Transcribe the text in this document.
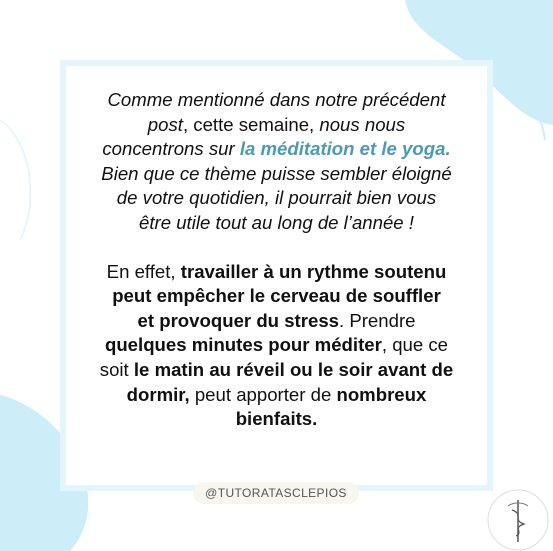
Comme mentionné dans notre précédent
post, cette semaine, nous nous
concentrons sur la méditation et le yoga.
Bien que ce thème puisse sembler éloigné
de votre quotidien, il pourrait bien vous
être utile tout au long de l’année !
En effet, travailler à un rythme soutenu
peut empêcher le cerveau de souffler
et provoquer du stress. Prendre
quelques minutes pour méditer, que ce
soit le matin au réveil ou le soir avant de
dormir, peut apporter de nombreux
bienfaits.
@TUTORATASCLEPIOS
